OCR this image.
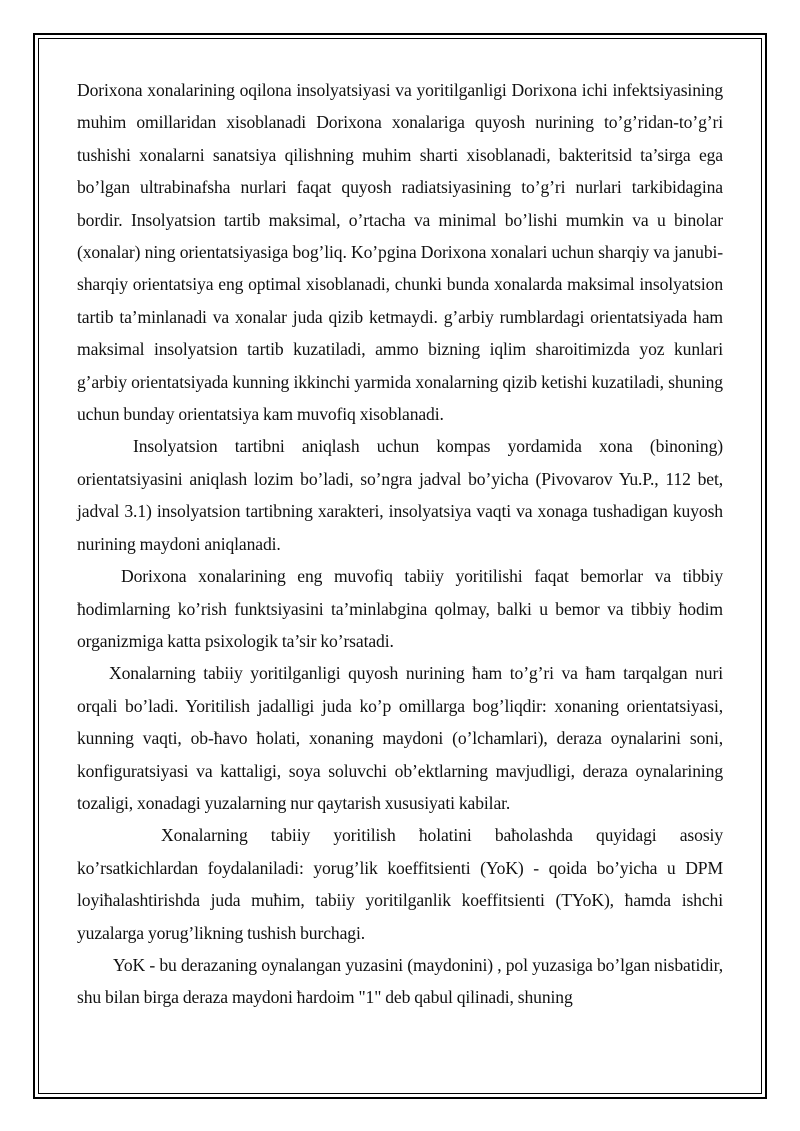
Dorixona xonalarining oqilona insolyatsiyasi va yoritilganligi Dorixona ichi infektsiyasining muhim omillaridan xisoblanadi Dorixona xonalariga quyosh nurining to’g’ridan-to’g’ri tushishi xonalarni sanatsiya qilishning muhim sharti xisoblanadi, bakteritsid ta’sirga ega bo’lgan ultrabinafsha nurlari faqat quyosh radiatsiyasining to’g’ri nurlari tarkibidagina bordir. Insolyatsion tartib maksimal, o’rtacha va minimal bo’lishi mumkin va u binolar (xonalar) ning orientatsiyasiga bog’liq. Ko’pgina Dorixona xonalari uchun sharqiy va janubi-sharqiy orientatsiya eng optimal xisoblanadi, chunki bunda xonalarda maksimal insolyatsion tartib ta’minlanadi va xonalar juda qizib ketmaydi. g’arbiy rumblardagi orientatsiyada ham maksimal insolyatsion tartib kuzatiladi, ammo bizning iqlim sharoitimizda yoz kunlari g’arbiy orientatsiyada kunning ikkinchi yarmida xonalarning qizib ketishi kuzatiladi, shuning uchun bunday orientatsiya kam muvofiq xisoblanadi.

Insolyatsion tartibni aniqlash uchun kompas yordamida xona (binoning) orientatsiyasini aniqlash lozim bo’ladi, so’ngra jadval bo’yicha (Pivovarov Yu.P., 112 bet, jadval 3.1) insolyatsion tartibning xarakteri, insolyatsiya vaqti va xonaga tushadigan kuyosh nurining maydoni aniqlanadi.

Dorixona xonalarining eng muvofiq tabiiy yoritilishi faqat bemorlar va tibbiy ћodimlarning ko’rish funktsiyasini ta’minlabgina qolmay, balki u bemor va tibbiy ћodim organizmiga katta psixologik ta’sir ko’rsatadi.

Xonalarning tabiiy yoritilganligi quyosh nurining ћam to’g’ri va ћam tarqalgan nuri orqali bo’ladi. Yoritilish jadalligi juda ko’p omillarga bog’liqdir: xonaning orientatsiyasi, kunning vaqti, ob-ћavo ћolati, xonaning maydoni (o’lchamlari), deraza oynalarini soni, konfiguratsiyasi va kattaligi, soya soluvchi ob’ektlarning mavjudligi, deraza oynalarining tozaligi, xonadagi yuzalarning nur qaytarish xususiyati kabilar.

Xonalarning tabiiy yoritilish ћolatini baћolashda quyidagi asosiy ko’rsatkichlardan foydalaniladi: yorug’lik koeffitsienti (YoK) - qoida bo’yicha u DPM loyiћalashtirishda juda muћim, tabiiy yoritilganlik koeffitsienti (TYoK), ћamda ishchi yuzalarga yorug’likning tushish burchagi.

YoK - bu derazaning oynalangan yuzasini (maydonini) , pol yuzasiga bo’lgan nisbatidir, shu bilan birga deraza maydoni ћardoim "1" deb qabul qilinadi, shuning
